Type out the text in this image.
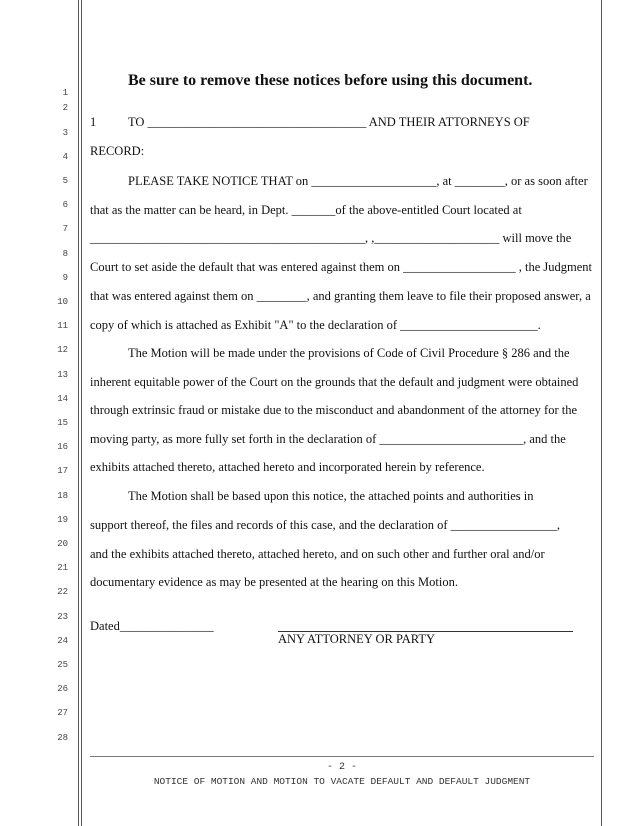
1
2
3
4
5
6
7
8
9
10
11
12
13
14
15
16
17
18
19
20
21
22
23
24
25
26
27
28
Be sure to remove these notices before using this document.
1	TO ___________________________________ AND THEIR ATTORNEYS OF
RECORD:
PLEASE TAKE NOTICE THAT on ____________________, at ________, or as soon after
that as the matter can be heard, in Dept. _______of the above-entitled Court located at
____________________________________________, ,____________________ will move the
Court to set aside the default that was entered against them on __________________ , the Judgment
that was entered against them on ________, and granting them leave to file their proposed answer, a
copy of which is attached as Exhibit "A" to the declaration of ______________________.
The Motion will be made under the provisions of Code of Civil Procedure § 286 and the
inherent equitable power of the Court on the grounds that the default and judgment were obtained
through extrinsic fraud or mistake due to the misconduct and abandonment of the attorney for the
moving party, as more fully set forth in the declaration of _______________________, and the
exhibits attached thereto, attached hereto and incorporated herein by reference.
The Motion shall be based upon this notice, the attached points and authorities in
support thereof, the files and records of this case, and the declaration of _________________,
and the exhibits attached thereto, attached hereto, and on such other and further oral and/or
documentary evidence as may be presented at the hearing on this Motion.
Dated_______________
ANY ATTORNEY OR PARTY
- 2 -
NOTICE OF MOTION AND MOTION TO VACATE DEFAULT AND DEFAULT JUDGMENT
